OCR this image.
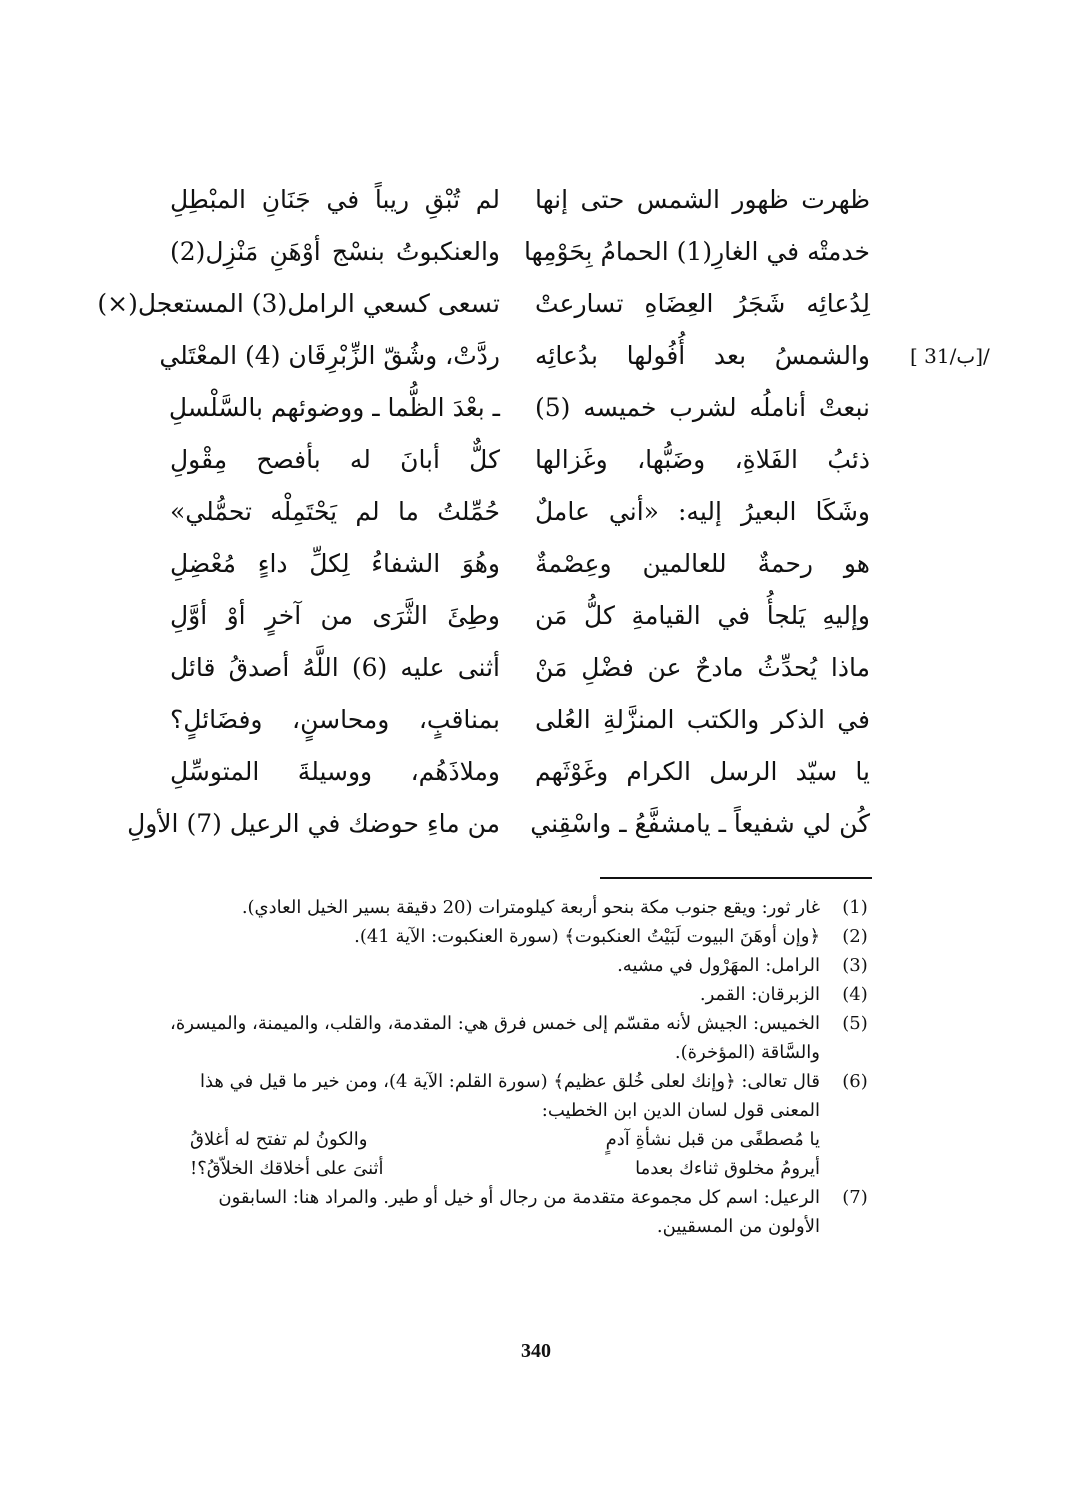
ظهرت ظهور الشمس حتى إنها
لم تُبْقِ ريباً في جَنَانِ المبْطِلِ
خدمتْه في الغارِ(1) الحمامُ بِحَوْمِها
والعنكبوتُ بنسْج أوْهَنِ مَنْزِل(2)
لِدُعائِه شَجَرُ العِضَاهِ تسارعتْ
تسعى كسعي الرامل(3) المستعجل(×)
والشمسُ بعد أُفُولها بدُعائِه
ردَّتْ، وشُقّ الزِّبْرِقَان (4) المعْتَلي	[ 31/ب]/
نبعتْ أناملُه لشرب خميسه (5)
ـ بعْدَ الظُّما ـ ووضوئهم بالسَّلْسلِ
ذئبُ الفَلاةِ، وضَبُّها، وغَزالها
كلٌّ أبانَ له بأفصح مِقْولِ
وشَكَا البعيرُ إليه: «أني عاملٌ
حُمِّلتُ ما لم يَحْتَمِلْه تحمُّلي»
هو رحمةٌ للعالمين وعِصْمةٌ
وهُوَ الشفاءُ لِكلِّ داءٍ مُعْضِلِ
وإليهِ يَلجأُ في القيامةِ كلُّ مَن
وطِئَ الثَّرَى من آخرٍ أوْ أوَّلِ
ماذا يُحدِّثُ مادحٌ عن فضْلِ مَنْ
أثنى عليه (6) اللَّهُ أصدقُ قائل
في الذكر والكتب المنزَّلةِ العُلى
بمناقبٍ، ومحاسنٍ، وفضَائلٍ؟
يا سيّد الرسل الكرام وغَوْثَهم
وملاذَهُم، ووسيلةَ المتوسِّلِ
كُن لي شفيعاً ـ يامشفَّعُ ـ واسْقِني
من ماءِ حوضك في الرعيل (7) الأولِ
(1)
غار ثور: ويقع جنوب مكة بنحو أربعة كيلومترات (20 دقيقة بسير الخيل العادي).
(2)
﴿وإن أوهَنَ البيوت لَبَيْتُ العنكبوت﴾ (سورة العنكبوت: الآية 41).
(3)
الرامل: المهَرْول في مشيه.
(4)
الزبرقان: القمر.
(5)
الخميس: الجيش لأنه مقسّم إلى خمس فرق هي: المقدمة، والقلب، والميمنة، والميسرة، والسَّاقة (المؤخرة).
(6)
قال تعالى: ﴿وإنك لعلى خُلق عظيم﴾ (سورة القلم: الآية 4)، ومن خير ما قيل في هذا المعنى قول لسان الدين ابن الخطيب:
يا مُصطفًى من قبل نشأةِ آدمٍ
والكونُ لم تفتح له أغلاقُ
أيرومُ مخلوق ثناءك بعدما
أثنىَ على أخلاقك الخلاّقُ؟!
(7)
الرعيل: اسم كل مجموعة متقدمة من رجال أو خيل أو طير. والمراد هنا: السابقون الأولون من المسقيين.
340
